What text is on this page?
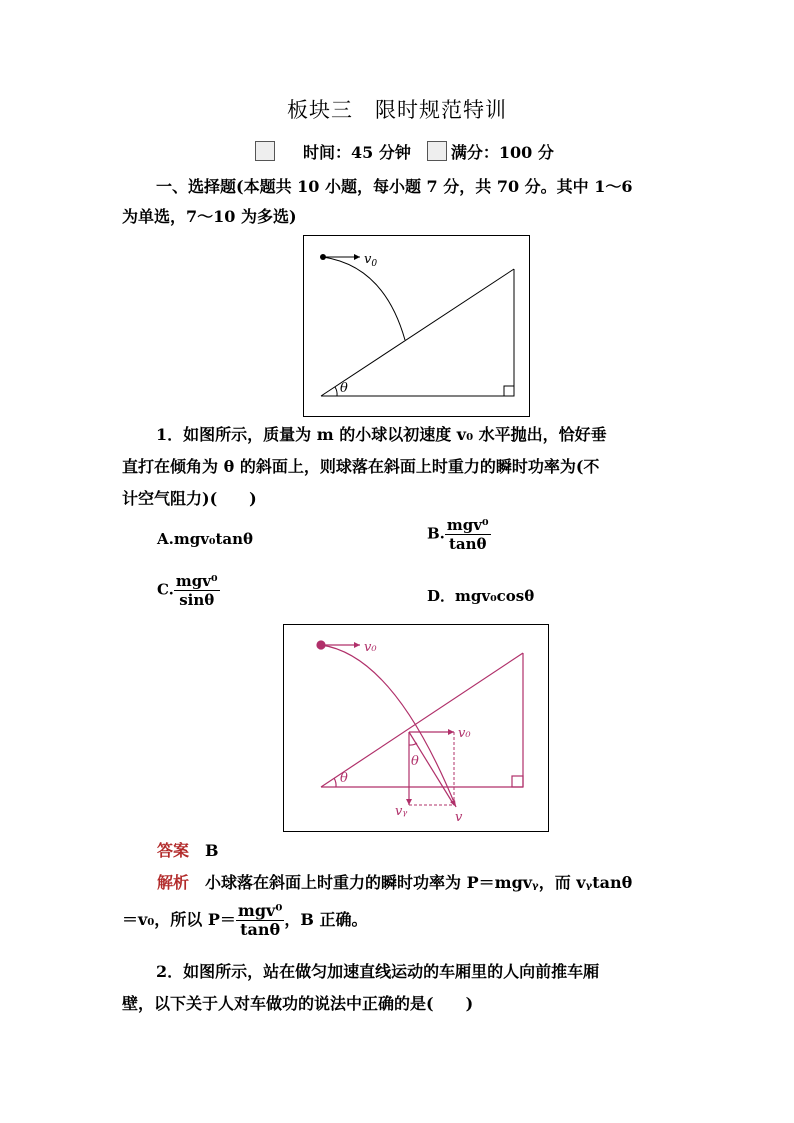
板块三　限时规范特训
时间：45 分钟	满分：100 分
一、选择题(本题共 10 小题，每小题 7 分，共 70 分。其中 1～6
为单选，7～10 为多选)
$v_0$
θ
1．如图所示，质量为 m 的小球以初速度 v₀ 水平抛出，恰好垂
直打在倾角为 θ 的斜面上，则球落在斜面上时重力的瞬时功率为(不
计空气阻力)(　　)
A.mgv₀tanθ	B. $\frac{\text{mgv⁰}}{\tan\theta}$
C. $\frac{\text{mgv⁰}}{\sin\theta}$	D．mgv₀cosθ
v₀
v₀
θ
θ
vᵧ	v
答案　 B
解析　 小球落在斜面上时重力的瞬时功率为 P＝mgvᵧ，而 vᵧtanθ
＝v₀，所以 $P= \frac{\text{mgv⁰}}{\tan\theta}$ ，B 正确。
2．如图所示，站在做匀加速直线运动的车厢里的人向前推车厢
壁，以下关于人对车做功的说法中正确的是(　　)
